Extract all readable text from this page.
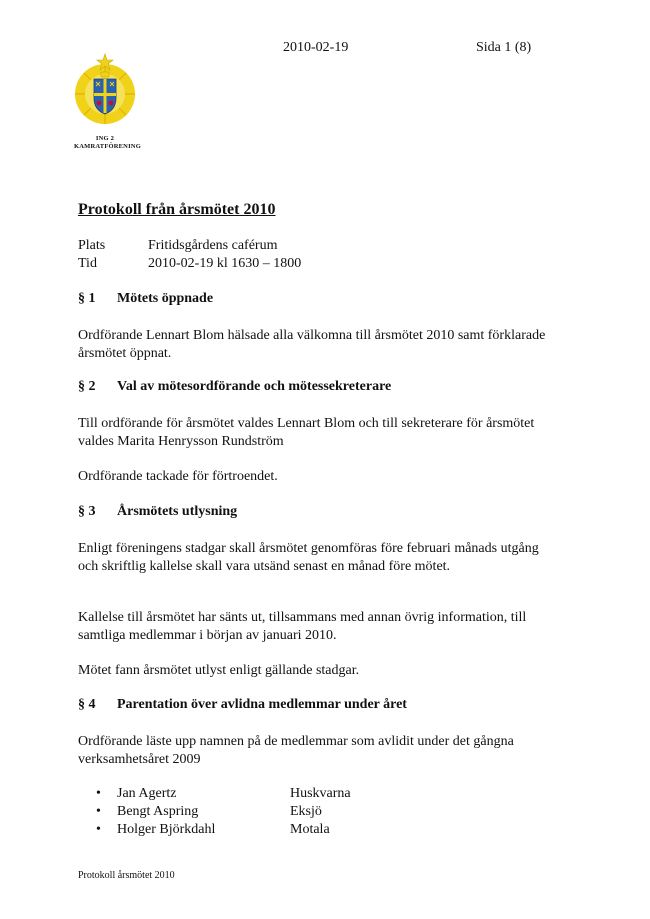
2010-02-19	Sida 1 (8)
ING 2
KAMRATFÖRENING
Protokoll från årsmötet 2010
Plats	Fritidsgårdens caférum
Tid	2010-02-19 kl 1630 – 1800
§ 1 Mötets öppnade
Ordförande Lennart Blom hälsade alla välkomna till årsmötet 2010 samt förklarade årsmötet öppnat.
§ 2 Val av mötesordförande och mötessekreterare
Till ordförande för årsmötet valdes Lennart Blom och till sekreterare för årsmötet valdes Marita Henrysson Rundström
Ordförande tackade för förtroendet.
§ 3 Årsmötets utlysning
Enligt föreningens stadgar skall årsmötet genomföras före februari månads utgång och skriftlig kallelse skall vara utsänd senast en månad före mötet.
Kallelse till årsmötet har sänts ut, tillsammans med annan övrig information, till samtliga medlemmar i början av januari 2010.
Mötet fann årsmötet utlyst enligt gällande stadgar.
§ 4 Parentation över avlidna medlemmar under året
Ordförande läste upp namnen på de medlemmar som avlidit under det gångna verksamhetsåret 2009
•	Jan Agertz	Huskvarna
•	Bengt Aspring	Eksjö
•	Holger Björkdahl	Motala
Protokoll årsmötet 2010
